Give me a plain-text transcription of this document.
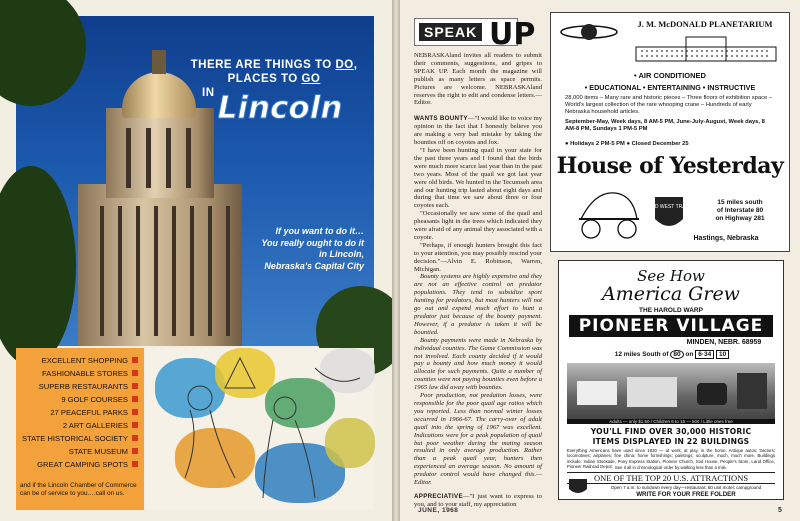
THERE ARE THINGS TO DO,
PLACES TO GO
IN Lincoln
If you want to do it…
You really ought to do it
in Lincoln,
Nebraska's Capital City
EXCELLENT SHOPPING
FASHIONABLE STORES
SUPERB RESTAURANTS
9 GOLF COURSES
27 PEACEFUL PARKS
2 ART GALLERIES
STATE HISTORICAL SOCIETY
STATE MUSEUM
GREAT CAMPING SPOTS
and if the Lincoln Chamber of Commerce can be of service to you….call on us.
SPEAK UP

NEBRASKAland invites all readers to submit their comments, suggestions, and gripes to SPEAK UP. Each month the magazine will publish as many letters as space permits. Pictures are welcome. NEBRASKAland reserves the right to edit and condense letters.—Editor.

WANTS BOUNTY—"I would like to voice my opinion in the fact that I honestly believe you are making a very bad mistake by taking the bounties off on coyotes and fox.

"I have been hunting quail in your state for the past three years and I found that the birds were much more scarce last year than in the past two years. Most of the quail we got last year were old birds. We hunted in the Tecumseh area and our hunting trip lasted about eight days and during that time we saw about three or four coyotes each.

"Occasionally we saw some of the quail and pheasants light in the trees which indicated they were afraid of any animal they associated with a coyote.

"Perhaps, if enough hunters brought this fact to your attention, you may possibly rescind your decision."—Alvin E. Robinson, Warren, Michigan.

Bounty systems are highly expensive and they are not an effective control on predator populations. They tend to subsidize sport hunting for predators, but most hunters will not go out and expend much effort to hunt a predator just because of the bounty payment. However, if a predator is taken it will be bountied.

Bounty payments were made in Nebraska by individual counties. The Game Commission was not involved. Each county decided if it would pay a bounty and how much money it would allocate for such payments. Quite a number of counties were not paying bounties even before a 1965 law did away with bounties.

Poor production, not predation losses, were responsible for the poor quail age ratios which you reported. Less than normal winter losses occurred in 1966-67. The carry-over of adult quail into the spring of 1967 was excellent. Indications were for a peak population of quail but poor weather during the mating season resulted in only average production. Rather than a peak quail year, hunters then experienced an average season. No amount of predator control would have changed this.—Editor.

APPRECIATIVE—"I just want to express to you, and to your staff, my appreciation

JUNE, 1968	5
J. M. McDONALD PLANETARIUM
• AIR CONDITIONED
• EDUCATIONAL • ENTERTAINING • INSTRUCTIVE
28,000 items – Many rare and historic pieces – Three floors of exhibition space – World's largest collection of the rare whooping crane – Hundreds of early Nebraska household articles.
September-May, Week days, 8 AM-5 PM, June-July-August, Week days, 8 AM-8 PM, Sundays 1 PM-5 PM
● Holidays 2 PM-5 PM ● Closed December 25
House of Yesterday
OLD WEST TRAIL
15 miles south
of Interstate 80
on Highway 281
Hastings, Nebraska
See How
America Grew
THE HAROLD WARP
PIONEER VILLAGE
MINDEN, NEBR. 68959
12 miles South of 80 on 6·34 10
Adults — only $1.50 / Children 6 to 15 — 50¢ / Little ones free
YOU'LL FIND OVER 30,000 HISTORIC
ITEMS DISPLAYED IN 22 BUILDINGS
Everything Americans have used since 1830 — at work, at play, in the home. Antique autos; tractors; locomotives; airplanes; fine china; home furnishings; paintings; sculpture, much, much more. Buildings include: Indian Stockade, Pony Express Station, Pioneer Church, Sod House, People's Store, Land Office, Pioneer Railroad Depot. See it all in chronological order by walking less than a mile.
ONE OF THE TOP 20 U.S. ATTRACTIONS
Open 7 a.m. to sundown every day—restaurant; 60 unit motel; campground
WRITE FOR YOUR FREE FOLDER
